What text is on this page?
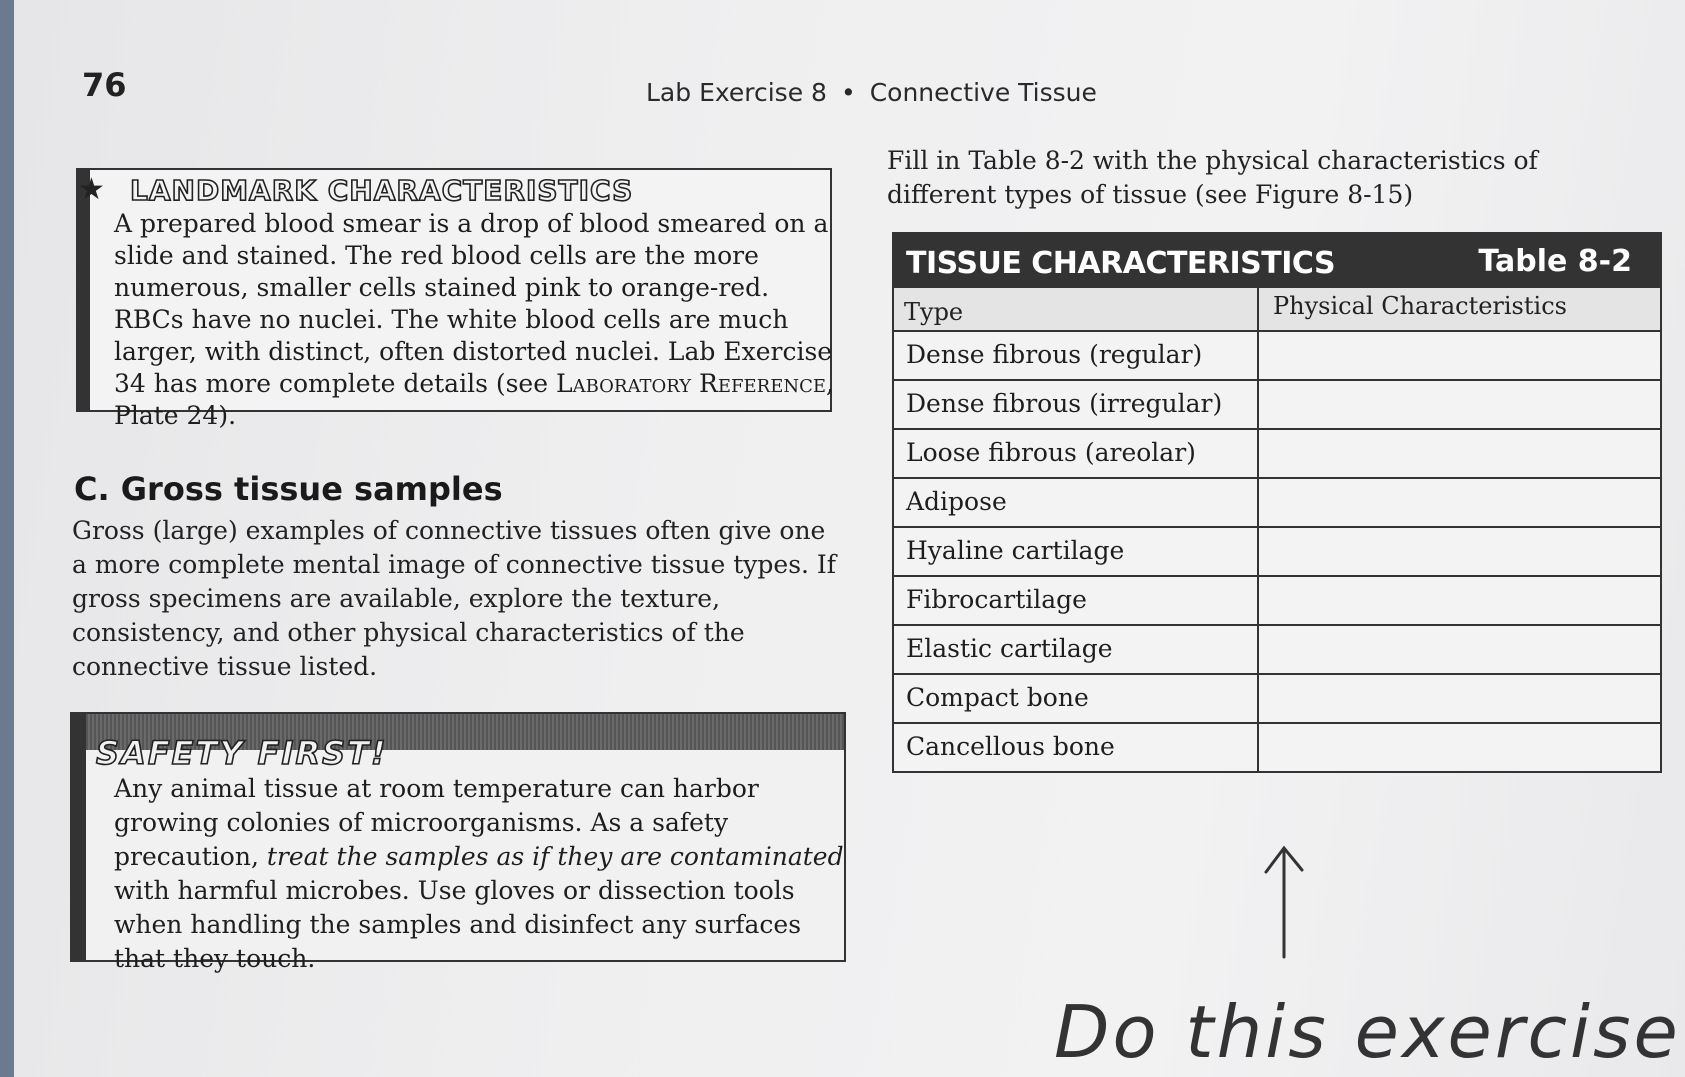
76	Lab Exercise 8 • Connective Tissue
★ LANDMARK CHARACTERISTICS

A prepared blood smear is a drop of blood smeared on a slide and stained. The red blood cells are the more numerous, smaller cells stained pink to orange-red. RBCs have no nuclei. The white blood cells are much larger, with distinct, often distorted nuclei. Lab Exercise 34 has more complete details (see Laboratory Reference, Plate 24).

C. Gross tissue samples

Gross (large) examples of connective tissues often give one a more complete mental image of connective tissue types. If gross specimens are available, explore the texture, consistency, and other physical characteristics of the connective tissue listed.

SAFETY FIRST!

Any animal tissue at room temperature can harbor growing colonies of microorganisms. As a safety precaution, treat the samples as if they are contaminated with harmful microbes. Use gloves or dissection tools when handling the samples and disinfect any surfaces that they touch.

Fill in Table 8-2 with the physical characteristics of different types of tissue (see Figure 8-15)

TISSUE CHARACTERISTICS	Table 8-2
Type	Physical Characteristics
Dense fibrous (regular)
Dense fibrous (irregular)
Loose fibrous (areolar)
Adipose
Hyaline cartilage
Fibrocartilage
Elastic cartilage
Compact bone
Cancellous bone
Do this exercise
